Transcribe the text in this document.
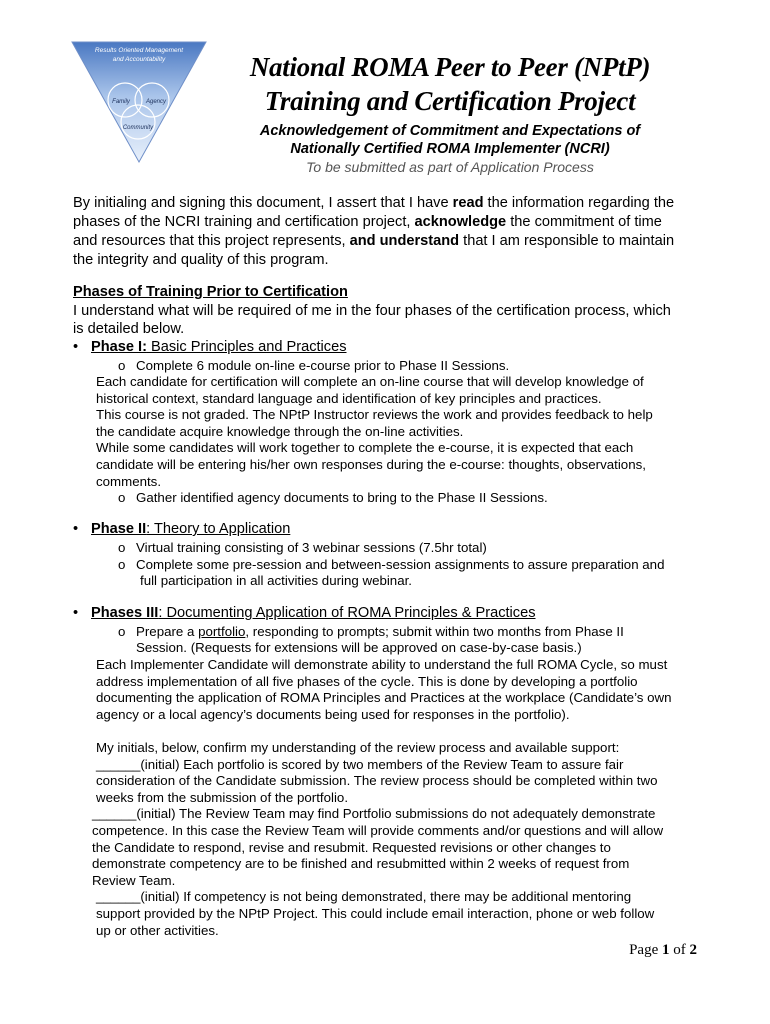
Results Oriented Management
and Accountability
Family	Agency
Community
National ROMA Peer to Peer (NPtP)
Training and Certification Project
Acknowledgement of Commitment and Expectations of
Nationally Certified ROMA Implementer (NCRI)
To be submitted as part of Application Process
By initialing and signing this document, I assert that I have read the information regarding the
phases of the NCRI training and certification project, acknowledge the commitment of time
and resources that this project represents, and understand that I am responsible to maintain
the integrity and quality of this program.
Phases of Training Prior to Certification
I understand what will be required of me in the four phases of the certification process, which
is detailed below.
• Phase I: Basic Principles and Practices
o Complete 6 module on-line e-course prior to Phase II Sessions.
Each candidate for certification will complete an on-line course that will develop knowledge of
historical context, standard language and identification of key principles and practices.
This course is not graded. The NPtP Instructor reviews the work and provides feedback to help
the candidate acquire knowledge through the on-line activities.
While some candidates will work together to complete the e-course, it is expected that each
candidate will be entering his/her own responses during the e-course: thoughts, observations,
comments.
o Gather identified agency documents to bring to the Phase II Sessions.
• Phase II: Theory to Application
o Virtual training consisting of 3 webinar sessions (7.5hr total)
o Complete some pre-session and between-session assignments to assure preparation and
full participation in all activities during webinar.
• Phases III: Documenting Application of ROMA Principles & Practices
o Prepare a portfolio, responding to prompts; submit within two months from Phase II
Session. (Requests for extensions will be approved on case-by-case basis.)
Each Implementer Candidate will demonstrate ability to understand the full ROMA Cycle, so must
address implementation of all five phases of the cycle. This is done by developing a portfolio
documenting the application of ROMA Principles and Practices at the workplace (Candidate’s own
agency or a local agency’s documents being used for responses in the portfolio).
My initials, below, confirm my understanding of the review process and available support:
______(initial) Each portfolio is scored by two members of the Review Team to assure fair
consideration of the Candidate submission. The review process should be completed within two
weeks from the submission of the portfolio.
______(initial) The Review Team may find Portfolio submissions do not adequately demonstrate
competence. In this case the Review Team will provide comments and/or questions and will allow
the Candidate to respond, revise and resubmit. Requested revisions or other changes to
demonstrate competency are to be finished and resubmitted within 2 weeks of request from
Review Team.
______(initial) If competency is not being demonstrated, there may be additional mentoring
support provided by the NPtP Project. This could include email interaction, phone or web follow
up or other activities.
Page 1 of 2
